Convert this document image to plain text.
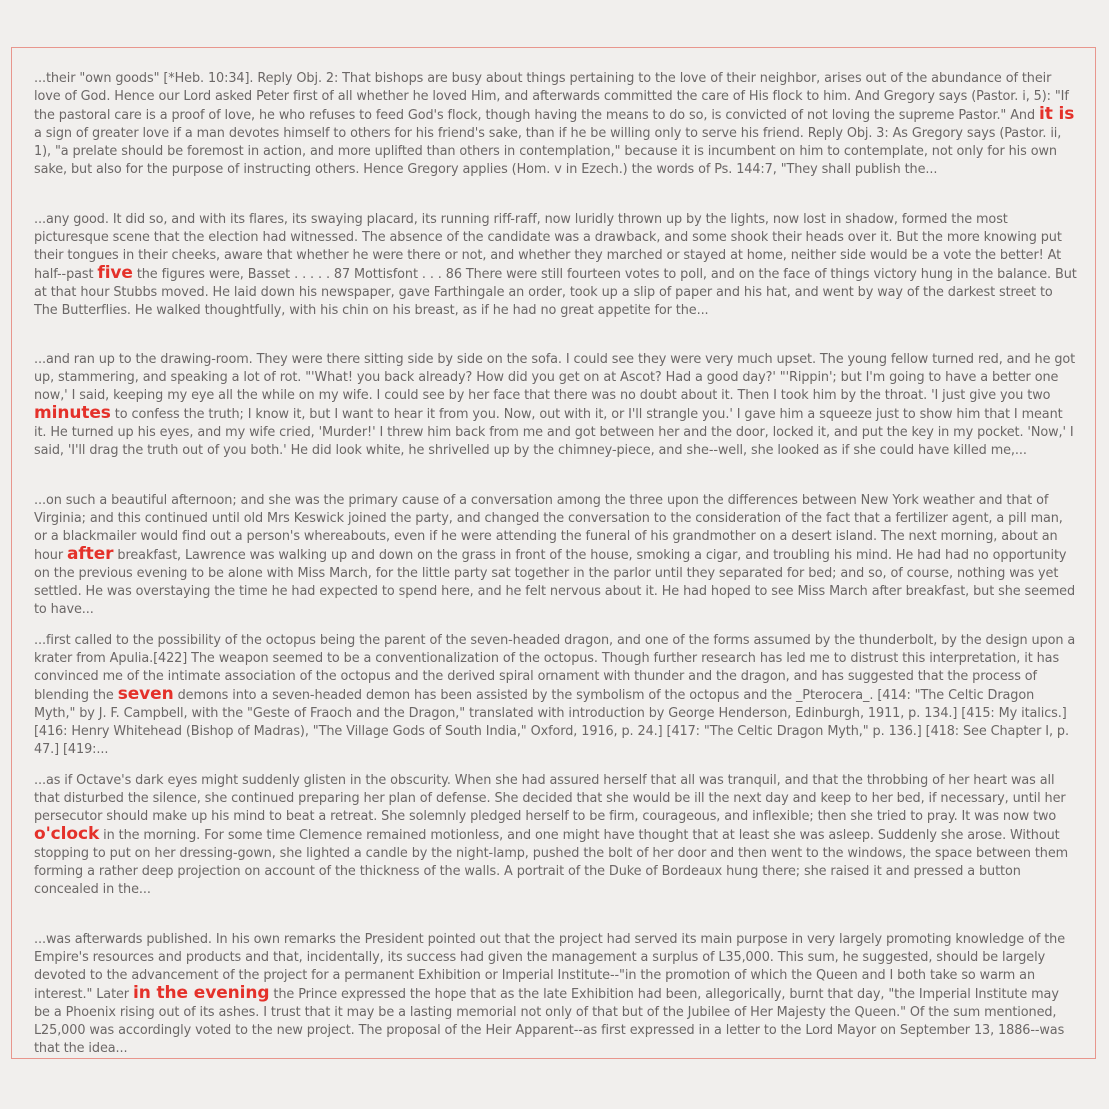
...their "own goods" [*Heb. 10:34]. Reply Obj. 2: That bishops are busy about things pertaining to the love of their neighbor, arises out of the abundance of their love of God. Hence our Lord asked Peter first of all whether he loved Him, and afterwards committed the care of His flock to him. And Gregory says (Pastor. i, 5): "If the pastoral care is a proof of love, he who refuses to feed God's flock, though having the means to do so, is convicted of not loving the supreme Pastor." And it is a sign of greater love if a man devotes himself to others for his friend's sake, than if he be willing only to serve his friend. Reply Obj. 3: As Gregory says (Pastor. ii, 1), "a prelate should be foremost in action, and more uplifted than others in contemplation," because it is incumbent on him to contemplate, not only for his own sake, but also for the purpose of instructing others. Hence Gregory applies (Hom. v in Ezech.) the words of Ps. 144:7, "They shall publish the...

...any good. It did so, and with its flares, its swaying placard, its running riff-raff, now luridly thrown up by the lights, now lost in shadow, formed the most picturesque scene that the election had witnessed. The absence of the candidate was a drawback, and some shook their heads over it. But the more knowing put their tongues in their cheeks, aware that whether he were there or not, and whether they marched or stayed at home, neither side would be a vote the better! At half--past five the figures were, Basset . . . . . 87 Mottisfont . . . 86 There were still fourteen votes to poll, and on the face of things victory hung in the balance. But at that hour Stubbs moved. He laid down his newspaper, gave Farthingale an order, took up a slip of paper and his hat, and went by way of the darkest street to The Butterflies. He walked thoughtfully, with his chin on his breast, as if he had no great appetite for the...

...and ran up to the drawing-room. They were there sitting side by side on the sofa. I could see they were very much upset. The young fellow turned red, and he got up, stammering, and speaking a lot of rot. "'What! you back already? How did you get on at Ascot? Had a good day?' "'Rippin'; but I'm going to have a better one now,' I said, keeping my eye all the while on my wife. I could see by her face that there was no doubt about it. Then I took him by the throat. 'I just give you two minutes to confess the truth; I know it, but I want to hear it from you. Now, out with it, or I'll strangle you.' I gave him a squeeze just to show him that I meant it. He turned up his eyes, and my wife cried, 'Murder!' I threw him back from me and got between her and the door, locked it, and put the key in my pocket. 'Now,' I said, 'I'll drag the truth out of you both.' He did look white, he shrivelled up by the chimney-piece, and she--well, she looked as if she could have killed me,...

...on such a beautiful afternoon; and she was the primary cause of a conversation among the three upon the differences between New York weather and that of Virginia; and this continued until old Mrs Keswick joined the party, and changed the conversation to the consideration of the fact that a fertilizer agent, a pill man, or a blackmailer would find out a person's whereabouts, even if he were attending the funeral of his grandmother on a desert island. The next morning, about an hour after breakfast, Lawrence was walking up and down on the grass in front of the house, smoking a cigar, and troubling his mind. He had had no opportunity on the previous evening to be alone with Miss March, for the little party sat together in the parlor until they separated for bed; and so, of course, nothing was yet settled. He was overstaying the time he had expected to spend here, and he felt nervous about it. He had hoped to see Miss March after breakfast, but she seemed to have...

...first called to the possibility of the octopus being the parent of the seven-headed dragon, and one of the forms assumed by the thunderbolt, by the design upon a krater from Apulia.[422] The weapon seemed to be a conventionalization of the octopus. Though further research has led me to distrust this interpretation, it has convinced me of the intimate association of the octopus and the derived spiral ornament with thunder and the dragon, and has suggested that the process of blending the seven demons into a seven-headed demon has been assisted by the symbolism of the octopus and the _Pterocera_. [414: "The Celtic Dragon Myth," by J. F. Campbell, with the "Geste of Fraoch and the Dragon," translated with introduction by George Henderson, Edinburgh, 1911, p. 134.] [415: My italics.] [416: Henry Whitehead (Bishop of Madras), "The Village Gods of South India," Oxford, 1916, p. 24.] [417: "The Celtic Dragon Myth," p. 136.] [418: See Chapter I, p. 47.] [419:...

...as if Octave's dark eyes might suddenly glisten in the obscurity. When she had assured herself that all was tranquil, and that the throbbing of her heart was all that disturbed the silence, she continued preparing her plan of defense. She decided that she would be ill the next day and keep to her bed, if necessary, until her persecutor should make up his mind to beat a retreat. She solemnly pledged herself to be firm, courageous, and inflexible; then she tried to pray. It was now two o'clock in the morning. For some time Clemence remained motionless, and one might have thought that at least she was asleep. Suddenly she arose. Without stopping to put on her dressing-gown, she lighted a candle by the night-lamp, pushed the bolt of her door and then went to the windows, the space between them forming a rather deep projection on account of the thickness of the walls. A portrait of the Duke of Bordeaux hung there; she raised it and pressed a button concealed in the...

...was afterwards published. In his own remarks the President pointed out that the project had served its main purpose in very largely promoting knowledge of the Empire's resources and products and that, incidentally, its success had given the management a surplus of L35,000. This sum, he suggested, should be largely devoted to the advancement of the project for a permanent Exhibition or Imperial Institute--"in the promotion of which the Queen and I both take so warm an interest." Later in the evening the Prince expressed the hope that as the late Exhibition had been, allegorically, burnt that day, "the Imperial Institute may be a Phoenix rising out of its ashes. I trust that it may be a lasting memorial not only of that but of the Jubilee of Her Majesty the Queen." Of the sum mentioned, L25,000 was accordingly voted to the new project. The proposal of the Heir Apparent--as first expressed in a letter to the Lord Mayor on September 13, 1886--was that the idea...
